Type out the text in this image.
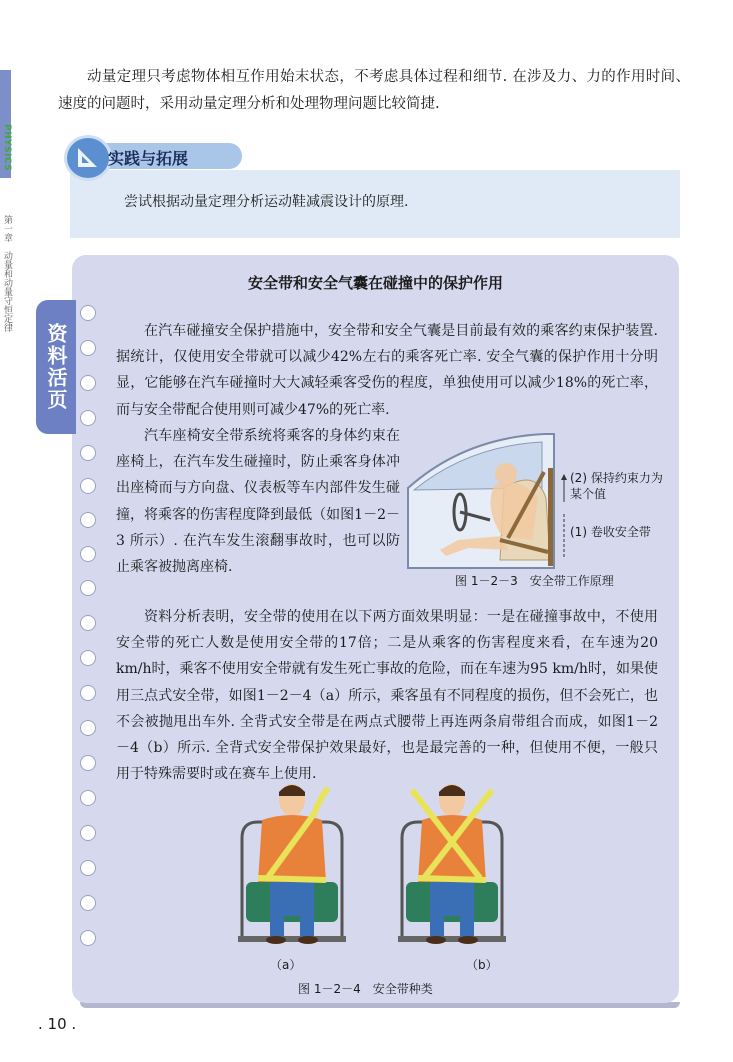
PHYSICS
第一章　动量和动量守恒定律
动量定理只考虑物体相互作用始末状态，不考虑具体过程和细节. 在涉及力、力的作用时间、速度的问题时，采用动量定理分析和处理物理问题比较简捷.
实践与拓展
尝试根据动量定理分析运动鞋减震设计的原理.
资料活页
安全带和安全气囊在碰撞中的保护作用
在汽车碰撞安全保护措施中，安全带和安全气囊是目前最有效的乘客约束保护装置. 据统计，仅使用安全带就可以减少42%左右的乘客死亡率. 安全气囊的保护作用十分明显，它能够在汽车碰撞时大大减轻乘客受伤的程度，单独使用可以减少18%的死亡率，而与安全带配合使用则可减少47%的死亡率.
汽车座椅安全带系统将乘客的身体约束在座椅上，在汽车发生碰撞时，防止乘客身体冲出座椅而与方向盘、仪表板等车内部件发生碰撞，将乘客的伤害程度降到最低（如图1－2－3 所示）. 在汽车发生滚翻事故时，也可以防止乘客被抛离座椅.
(2) 保持约束力为某个值
(1) 卷收安全带
图 1－2－3　安全带工作原理
资料分析表明，安全带的使用在以下两方面效果明显：一是在碰撞事故中，不使用安全带的死亡人数是使用安全带的17倍；二是从乘客的伤害程度来看，在车速为20 km/h时，乘客不使用安全带就有发生死亡事故的危险，而在车速为95 km/h时，如果使用三点式安全带，如图1－2－4（a）所示，乘客虽有不同程度的损伤，但不会死亡，也不会被抛甩出车外. 全背式安全带是在两点式腰带上再连两条肩带组合而成，如图1－2－4（b）所示. 全背式安全带保护效果最好，也是最完善的一种，但使用不便，一般只用于特殊需要时或在赛车上使用.
（a）	（b）
图 1－2－4　安全带种类
. 10 .
